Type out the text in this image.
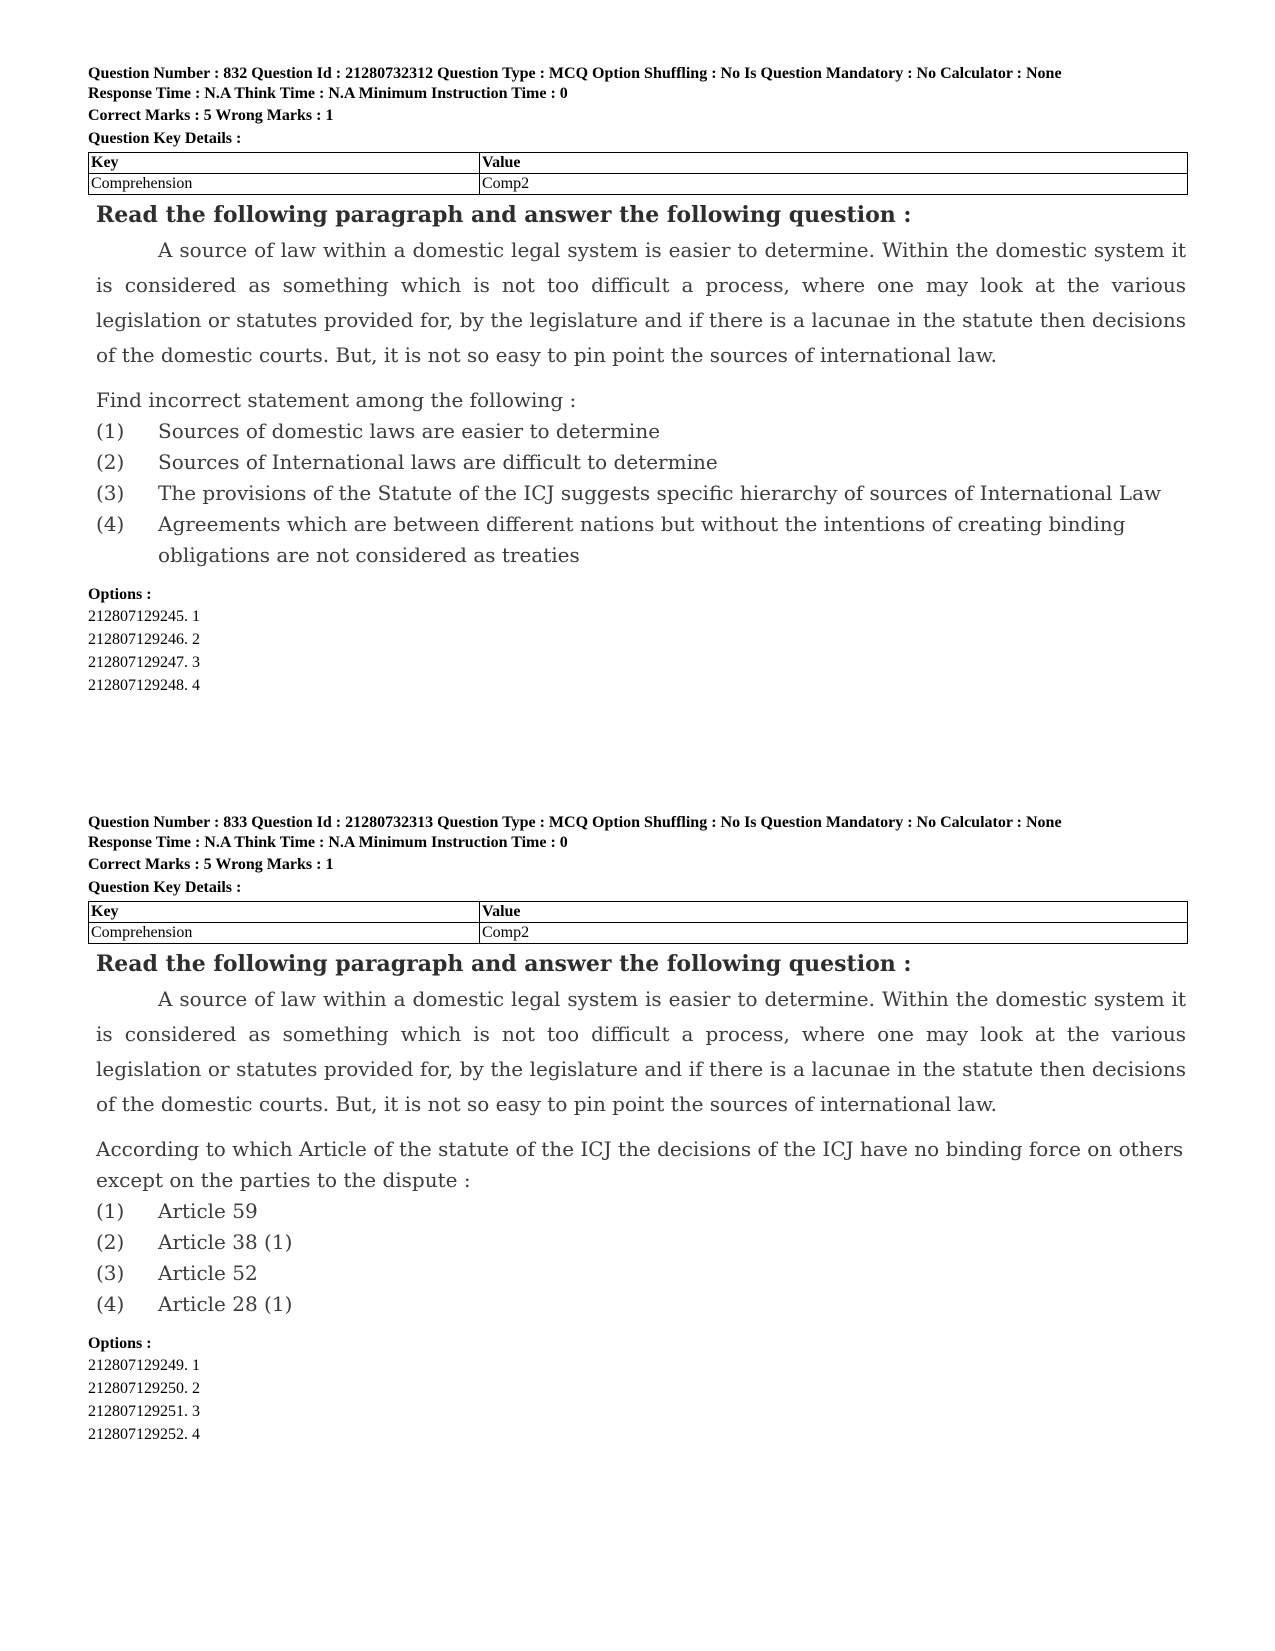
Question Number : 832 Question Id : 21280732312 Question Type : MCQ Option Shuffling : No Is Question Mandatory : No Calculator : None
Response Time : N.A Think Time : N.A Minimum Instruction Time : 0
Correct Marks : 5 Wrong Marks : 1
Question Key Details :
Key	Value
Comprehension	Comp2
Read the following paragraph and answer the following question :
A source of law within a domestic legal system is easier to determine. Within the domestic system it is considered as something which is not too difficult a process, where one may look at the various legislation or statutes provided for, by the legislature and if there is a lacunae in the statute then decisions of the domestic courts. But, it is not so easy to pin point the sources of international law.
Find incorrect statement among the following :
(1)	Sources of domestic laws are easier to determine
(2)	Sources of International laws are difficult to determine
(3)	The provisions of the Statute of the ICJ suggests specific hierarchy of sources of International Law
(4)	Agreements which are between different nations but without the intentions of creating binding obligations are not considered as treaties
Options :
212807129245. 1
212807129246. 2
212807129247. 3
212807129248. 4
Question Number : 833 Question Id : 21280732313 Question Type : MCQ Option Shuffling : No Is Question Mandatory : No Calculator : None
Response Time : N.A Think Time : N.A Minimum Instruction Time : 0
Correct Marks : 5 Wrong Marks : 1
Question Key Details :
Key	Value
Comprehension	Comp2
Read the following paragraph and answer the following question :
A source of law within a domestic legal system is easier to determine. Within the domestic system it is considered as something which is not too difficult a process, where one may look at the various legislation or statutes provided for, by the legislature and if there is a lacunae in the statute then decisions of the domestic courts. But, it is not so easy to pin point the sources of international law.
According to which Article of the statute of the ICJ the decisions of the ICJ have no binding force on others except on the parties to the dispute :
(1)	Article 59
(2)	Article 38 (1)
(3)	Article 52
(4)	Article 28 (1)
Options :
212807129249. 1
212807129250. 2
212807129251. 3
212807129252. 4
